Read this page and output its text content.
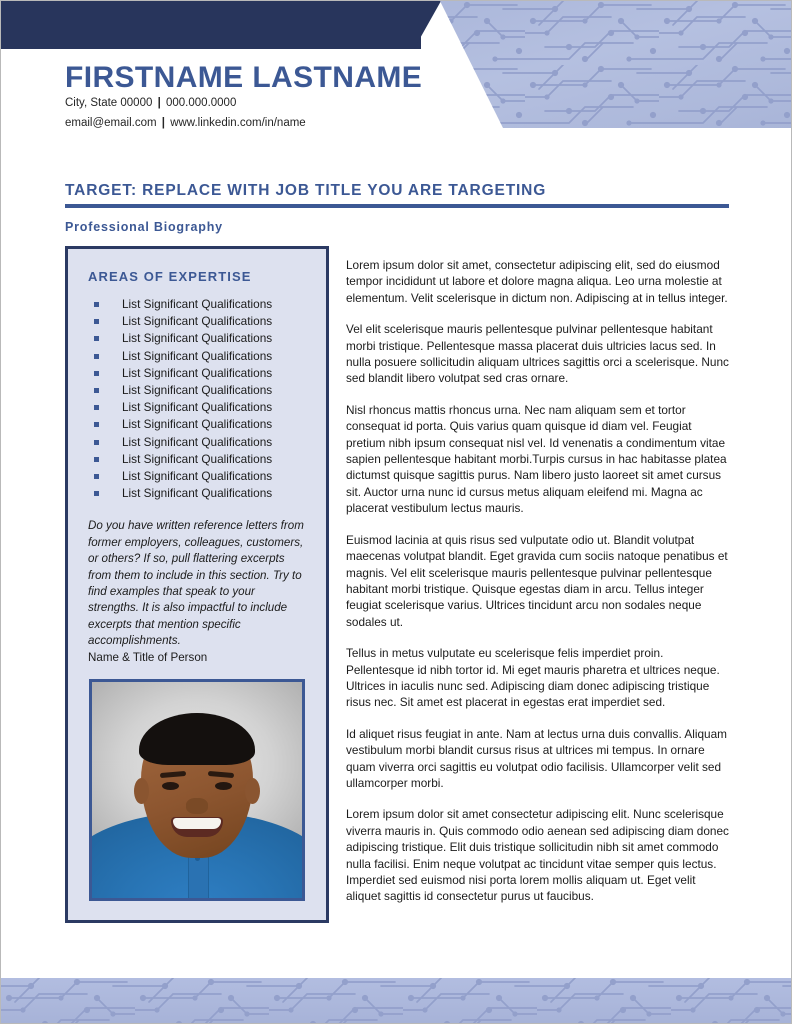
FIRSTNAME LASTNAME
City, State 00000 | 000.000.0000
email@email.com | www.linkedin.com/in/name
TARGET: REPLACE WITH JOB TITLE YOU ARE TARGETING
Professional Biography
AREAS OF EXPERTISE
List Significant Qualifications
List Significant Qualifications
List Significant Qualifications
List Significant Qualifications
List Significant Qualifications
List Significant Qualifications
List Significant Qualifications
List Significant Qualifications
List Significant Qualifications
List Significant Qualifications
List Significant Qualifications
List Significant Qualifications

Do you have written reference letters from former employers, colleagues, customers, or others? If so, pull flattering excerpts from them to include in this section. Try to find examples that speak to your strengths. It is also impactful to include excerpts that mention specific accomplishments.

Name & Title of Person

Lorem ipsum dolor sit amet, consectetur adipiscing elit, sed do eiusmod tempor incididunt ut labore et dolore magna aliqua. Leo urna molestie at elementum. Velit scelerisque in dictum non. Adipiscing at in tellus integer.

Vel elit scelerisque mauris pellentesque pulvinar pellentesque habitant morbi tristique. Pellentesque massa placerat duis ultricies lacus sed. In nulla posuere sollicitudin aliquam ultrices sagittis orci a scelerisque. Nunc sed blandit libero volutpat sed cras ornare.

Nisl rhoncus mattis rhoncus urna. Nec nam aliquam sem et tortor consequat id porta. Quis varius quam quisque id diam vel. Feugiat pretium nibh ipsum consequat nisl vel. Id venenatis a condimentum vitae sapien pellentesque habitant morbi.Turpis cursus in hac habitasse platea dictumst quisque sagittis purus. Nam libero justo laoreet sit amet cursus sit. Auctor urna nunc id cursus metus aliquam eleifend mi. Magna ac placerat vestibulum lectus mauris.

Euismod lacinia at quis risus sed vulputate odio ut. Blandit volutpat maecenas volutpat blandit. Eget gravida cum sociis natoque penatibus et magnis. Vel elit scelerisque mauris pellentesque pulvinar pellentesque habitant morbi tristique. Quisque egestas diam in arcu. Tellus integer feugiat scelerisque varius. Ultrices tincidunt arcu non sodales neque sodales ut.

Tellus in metus vulputate eu scelerisque felis imperdiet proin. Pellentesque id nibh tortor id. Mi eget mauris pharetra et ultrices neque. Ultrices in iaculis nunc sed. Adipiscing diam donec adipiscing tristique risus nec. Sit amet est placerat in egestas erat imperdiet sed.

Id aliquet risus feugiat in ante. Nam at lectus urna duis convallis. Aliquam vestibulum morbi blandit cursus risus at ultrices mi tempus. In ornare quam viverra orci sagittis eu volutpat odio facilisis. Ullamcorper velit sed ullamcorper morbi.

Lorem ipsum dolor sit amet consectetur adipiscing elit. Nunc scelerisque viverra mauris in. Quis commodo odio aenean sed adipiscing diam donec adipiscing tristique. Elit duis tristique sollicitudin nibh sit amet commodo nulla facilisi. Enim neque volutpat ac tincidunt vitae semper quis lectus. Imperdiet sed euismod nisi porta lorem mollis aliquam ut. Eget velit aliquet sagittis id consectetur purus ut faucibus.
